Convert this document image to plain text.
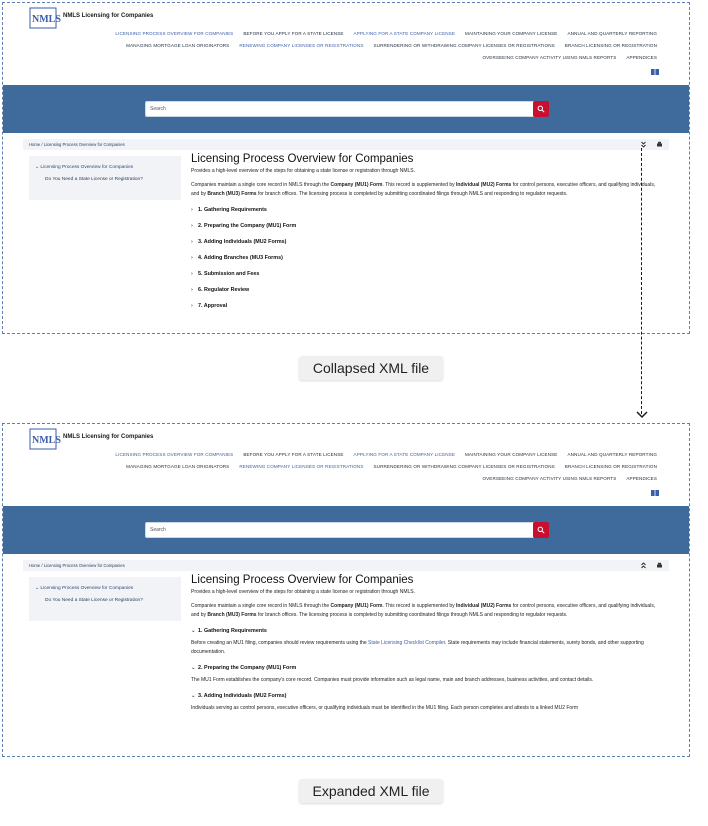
NMLS NMLS Licensing for Companies
LICENSING PROCESS OVERVIEW FOR COMPANIES BEFORE YOU APPLY FOR A STATE LICENSE APPLYING FOR A STATE COMPANY LICENSE MAINTAINING YOUR COMPANY LICENSE ANNUAL AND QUARTERLY REPORTING
MANAGING MORTGAGE LOAN ORIGINATORS RENEWING COMPANY LICENSES OR REGISTRATIONS SURRENDERING OR WITHDRAWING COMPANY LICENSES OR REGISTRATIONS BRANCH LICENSING OR REGISTRATION
OVERSEEING COMPANY ACTIVITY USING NMLS REPORTS APPENDICES
Search
Home / Licensing Process Overview for Companies
⌄ Licensing Process Overview for Companies
Do You Need a State License or Registration?
Licensing Process Overview for Companies
Provides a high-level overview of the steps for obtaining a state license or registration through NMLS.
Companies maintain a single core record in NMLS through the Company (MU1) Form. This record is supplemented by Individual (MU2) Forms for control persons, executive officers, and qualifying individuals, and by Branch (MU3) Forms for branch offices. The licensing process is completed by submitting coordinated filings through NMLS and responding to regulator requests.
› 1. Gathering Requirements
› 2. Preparing the Company (MU1) Form
› 3. Adding Individuals (MU2 Forms)
› 4. Adding Branches (MU3 Forms)
› 5. Submission and Fees
› 6. Regulator Review
› 7. Approval
Collapsed XML file
NMLS NMLS Licensing for Companies
LICENSING PROCESS OVERVIEW FOR COMPANIES BEFORE YOU APPLY FOR A STATE LICENSE APPLYING FOR A STATE COMPANY LICENSE MAINTAINING YOUR COMPANY LICENSE ANNUAL AND QUARTERLY REPORTING
MANAGING MORTGAGE LOAN ORIGINATORS RENEWING COMPANY LICENSES OR REGISTRATIONS SURRENDERING OR WITHDRAWING COMPANY LICENSES OR REGISTRATIONS BRANCH LICENSING OR REGISTRATION
OVERSEEING COMPANY ACTIVITY USING NMLS REPORTS APPENDICES
Search
Home / Licensing Process Overview for Companies
⌄ Licensing Process Overview for Companies
Do You Need a State License or Registration?
Licensing Process Overview for Companies
Provides a high-level overview of the steps for obtaining a state license or registration through NMLS.
Companies maintain a single core record in NMLS through the Company (MU1) Form. This record is supplemented by Individual (MU2) Forms for control persons, executive officers, and qualifying individuals, and by Branch (MU3) Forms for branch offices. The licensing process is completed by submitting coordinated filings through NMLS and responding to regulator requests.
⌄ 1. Gathering Requirements
Before creating an MU1 filing, companies should review requirements using the State Licensing Checklist Compiler. State requirements may include financial statements, surety bonds, and other supporting documentation.
⌄ 2. Preparing the Company (MU1) Form
The MU1 Form establishes the company's core record. Companies must provide information such as legal name, main and branch addresses, business activities, and contact details.
⌄ 3. Adding Individuals (MU2 Forms)
Individuals serving as control persons, executive officers, or qualifying individuals must be identified in the MU1 filing. Each person completes and attests to a linked MU2 Form
Expanded XML file
